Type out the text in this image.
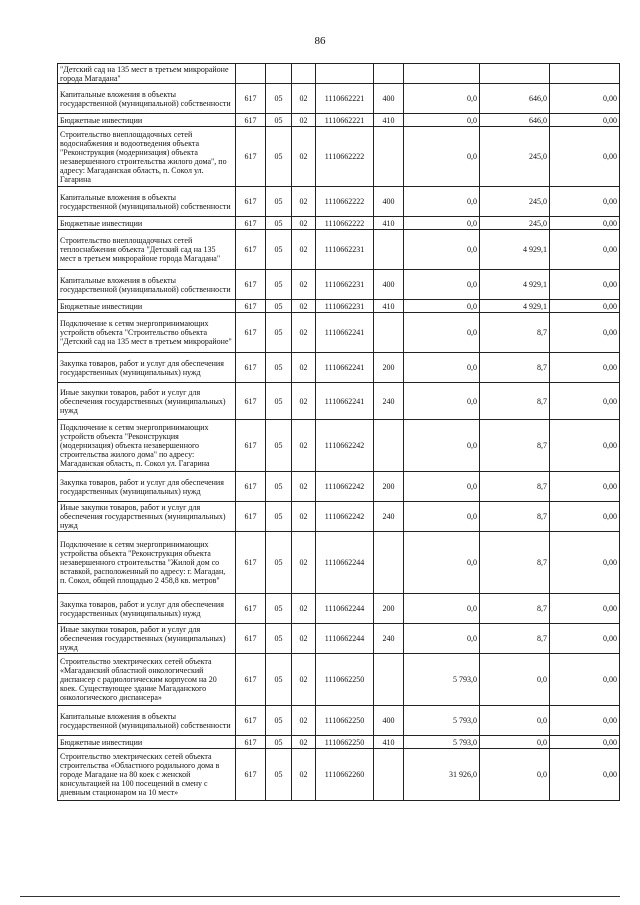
86
"Детский сад на 135 мест в третьем микрорайоне города Магадана"								
Капитальные вложения в объекты государственной (муниципальной) собственности	617	05	02	1110662221	400	0,0	646,0	0,00
Бюджетные инвестиции	617	05	02	1110662221	410	0,0	646,0	0,00
Строительство внеплощадочных сетей водоснабжения и водоотведения объекта "Реконструкция (модернизация) объекта незавершенного строительства жилого дома", по адресу: Магаданская область, п. Сокол ул. Гагарина	617	05	02	1110662222		0,0	245,0	0,00
Капитальные вложения в объекты государственной (муниципальной) собственности	617	05	02	1110662222	400	0,0	245,0	0,00
Бюджетные инвестиции	617	05	02	1110662222	410	0,0	245,0	0,00
Строительство внеплощадочных сетей теплоснабжения объекта "Детский сад на 135 мест в третьем микрорайоне города Магадана"	617	05	02	1110662231		0,0	4 929,1	0,00
Капитальные вложения в объекты государственной (муниципальной) собственности	617	05	02	1110662231	400	0,0	4 929,1	0,00
Бюджетные инвестиции	617	05	02	1110662231	410	0,0	4 929,1	0,00
Подключение к сетям энергопринимающих устройств объекта "Строительство объекта "Детский сад на 135 мест в третьем микрорайоне"	617	05	02	1110662241		0,0	8,7	0,00
Закупка товаров, работ и услуг для обеспечения государственных (муниципальных) нужд	617	05	02	1110662241	200	0,0	8,7	0,00
Иные закупки товаров, работ и услуг для обеспечения государственных (муниципальных) нужд	617	05	02	1110662241	240	0,0	8,7	0,00
Подключение к сетям энергопринимающих устройств объекта "Реконструкция (модернизация) объекта незавершенного строительства жилого дома" по адресу: Магаданская область, п. Сокол ул. Гагарина	617	05	02	1110662242		0,0	8,7	0,00
Закупка товаров, работ и услуг для обеспечения государственных (муниципальных) нужд	617	05	02	1110662242	200	0,0	8,7	0,00
Иные закупки товаров, работ и услуг для обеспечения государственных (муниципальных) нужд	617	05	02	1110662242	240	0,0	8,7	0,00
Подключение к сетям энергопринимающих устройства объекта "Реконструкция объекта незавершенного строительства "Жилой дом со вставкой, расположенный по адресу: г. Магадан, п. Сокол, общей площадью 2 458,8 кв. метров"	617	05	02	1110662244		0,0	8,7	0,00
Закупка товаров, работ и услуг для обеспечения государственных (муниципальных) нужд	617	05	02	1110662244	200	0,0	8,7	0,00
Иные закупки товаров, работ и услуг для обеспечения государственных (муниципальных) нужд	617	05	02	1110662244	240	0,0	8,7	0,00
Строительство электрических сетей объекта «Магаданский областной онкологический диспансер с радиологическим корпусом на 20 коек. Существующее здание Магаданского онкологического диспансера»	617	05	02	1110662250		5 793,0	0,0	0,00
Капитальные вложения в объекты государственной (муниципальной) собственности	617	05	02	1110662250	400	5 793,0	0,0	0,00
Бюджетные инвестиции	617	05	02	1110662250	410	5 793,0	0,0	0,00
Строительство электрических сетей объекта строительства «Областного родильного дома в городе Магадане на 80 коек с женской консультацией на 100 посещений в смену с дневным стационаром на 10 мест»	617	05	02	1110662260		31 926,0	0,0	0,00
